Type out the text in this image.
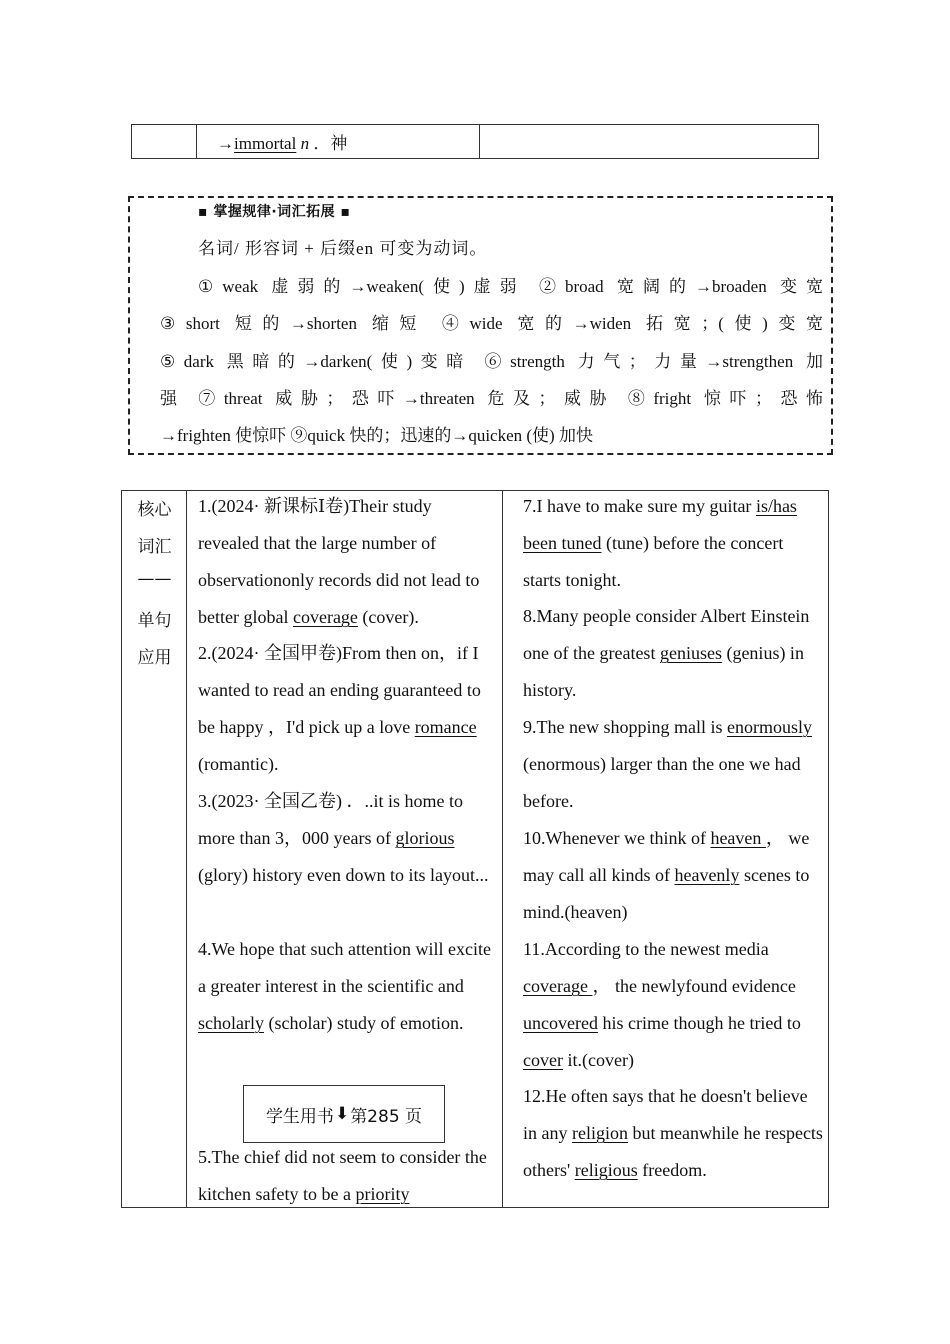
→immortal n ．神
▪ 掌握规律·词汇拓展 ▪
名词/ 形容词 + 后缀en 可变为动词。
①weak 虚弱的→weaken(使)虚弱 ②broad 宽阔的→broaden 变宽
③short 短的→shorten 缩短 ④wide 宽的→widen 拓宽；(使)变宽
⑤dark 黑暗的→darken(使)变暗 ⑥strength 力气；力量→strengthen 加
强 ⑦threat 威胁；恐吓→threaten 危及；威胁 ⑧fright 惊吓；恐怖
→frighten 使惊吓 ⑨quick 快的；迅速的→quicken (使) 加快
核心
词汇
——
单句
应用
1.(2024· 新课标Ⅰ卷)Their study revealed that the large number of observationonly records did not lead to better global coverage (cover).
2.(2024· 全国甲卷)From then on，if I wanted to read an ending guaranteed to be happy ，I'd pick up a love romance (romantic).
3.(2023· 全国乙卷) ．..it is home to more than 3，000 years of glorious (glory) history even down to its layout...
4.We hope that such attention will excite a greater interest in the scientific and scholarly (scholar) study of emotion.
学生用书 ⬇ 第285 页
5.The chief did not seem to consider the kitchen safety to be a priority
7.I have to make sure my guitar is/has been tuned (tune) before the concert starts tonight.
8.Many people consider Albert Einstein one of the greatest geniuses (genius) in history.
9.The new shopping mall is enormously (enormous) larger than the one we had before.
10.Whenever we think of heaven ， we may call all kinds of heavenly scenes to mind.(heaven)
11.According to the newest media coverage ， the newlyfound evidence uncovered his crime though he tried to cover it.(cover)
12.He often says that he doesn't believe in any religion but meanwhile he respects others' religious freedom.
